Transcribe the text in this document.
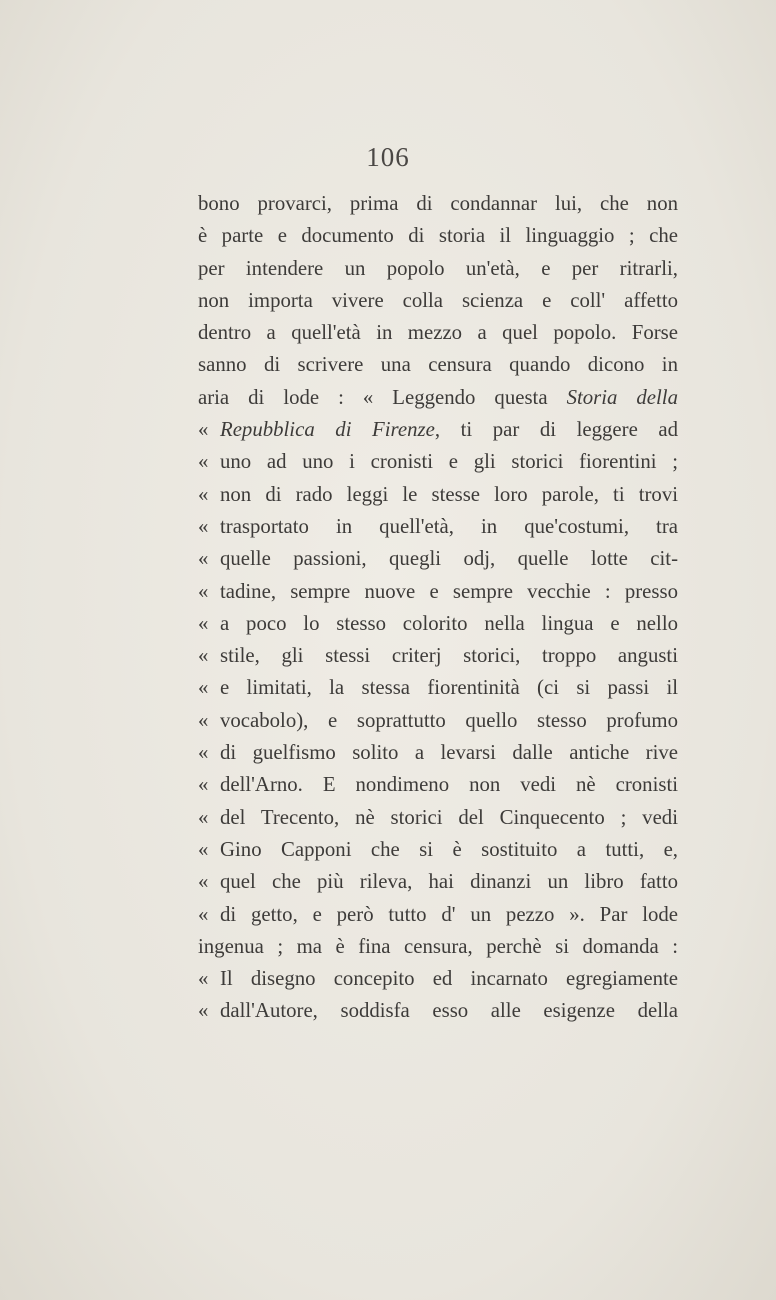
106
bono provarci, prima di condannar lui, che non
è parte e documento di storia il linguaggio ; che
per intendere un popolo un'età, e per ritrarli,
non importa vivere colla scienza e coll' affetto
dentro a quell'età in mezzo a quel popolo. Forse
sanno di scrivere una censura quando dicono in
aria di lode : « Leggendo questa Storia della
« Repubblica di Firenze, ti par di leggere ad
« uno ad uno i cronisti e gli storici fiorentini ;
« non di rado leggi le stesse loro parole, ti trovi
« trasportato in quell'età, in que'costumi, tra
« quelle passioni, quegli odj, quelle lotte cit-
« tadine, sempre nuove e sempre vecchie : presso
« a poco lo stesso colorito nella lingua e nello
« stile, gli stessi criterj storici, troppo angusti
« e limitati, la stessa fiorentinità (ci si passi il
« vocabolo), e soprattutto quello stesso profumo
« di guelfismo solito a levarsi dalle antiche rive
« dell'Arno. E nondimeno non vedi nè cronisti
« del Trecento, nè storici del Cinquecento ; vedi
« Gino Capponi che si è sostituito a tutti, e,
« quel che più rileva, hai dinanzi un libro fatto
« di getto, e però tutto d' un pezzo ». Par lode
ingenua ; ma è fina censura, perchè si domanda :
« Il disegno concepito ed incarnato egregiamente
« dall'Autore, soddisfa esso alle esigenze della
